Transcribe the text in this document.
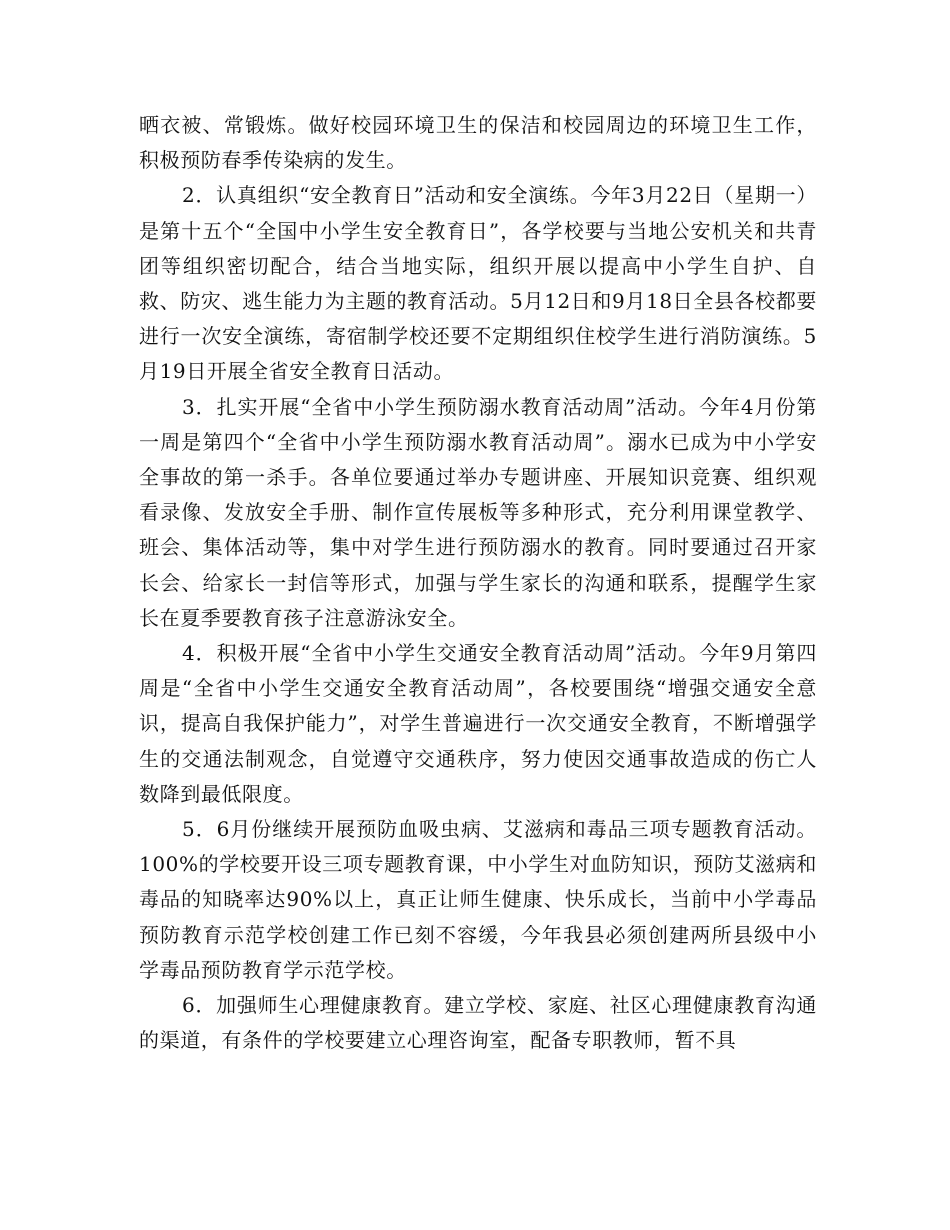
晒衣被、常锻炼。做好校园环境卫生的保洁和校园周边的环境卫生工作，积极预防春季传染病的发生。

2．认真组织“安全教育日”活动和安全演练。今年3月22日（星期一）是第十五个“全国中小学生安全教育日”，各学校要与当地公安机关和共青团等组织密切配合，结合当地实际，组织开展以提高中小学生自护、自救、防灾、逃生能力为主题的教育活动。5月12日和9月18日全县各校都要进行一次安全演练，寄宿制学校还要不定期组织住校学生进行消防演练。5月19日开展全省安全教育日活动。

3．扎实开展“全省中小学生预防溺水教育活动周”活动。今年4月份第一周是第四个“全省中小学生预防溺水教育活动周”。溺水已成为中小学安全事故的第一杀手。各单位要通过举办专题讲座、开展知识竞赛、组织观看录像、发放安全手册、制作宣传展板等多种形式，充分利用课堂教学、班会、集体活动等，集中对学生进行预防溺水的教育。同时要通过召开家长会、给家长一封信等形式，加强与学生家长的沟通和联系，提醒学生家长在夏季要教育孩子注意游泳安全。

4．积极开展“全省中小学生交通安全教育活动周”活动。今年9月第四周是“全省中小学生交通安全教育活动周”，各校要围绕“增强交通安全意识，提高自我保护能力”，对学生普遍进行一次交通安全教育，不断增强学生的交通法制观念，自觉遵守交通秩序，努力使因交通事故造成的伤亡人数降到最低限度。

5．6月份继续开展预防血吸虫病、艾滋病和毒品三项专题教育活动。100%的学校要开设三项专题教育课，中小学生对血防知识，预防艾滋病和毒品的知晓率达90%以上，真正让师生健康、快乐成长，当前中小学毒品预防教育示范学校创建工作已刻不容缓，今年我县必须创建两所县级中小学毒品预防教育学示范学校。

6．加强师生心理健康教育。建立学校、家庭、社区心理健康教育沟通的渠道，有条件的学校要建立心理咨询室，配备专职教师，暂不具
